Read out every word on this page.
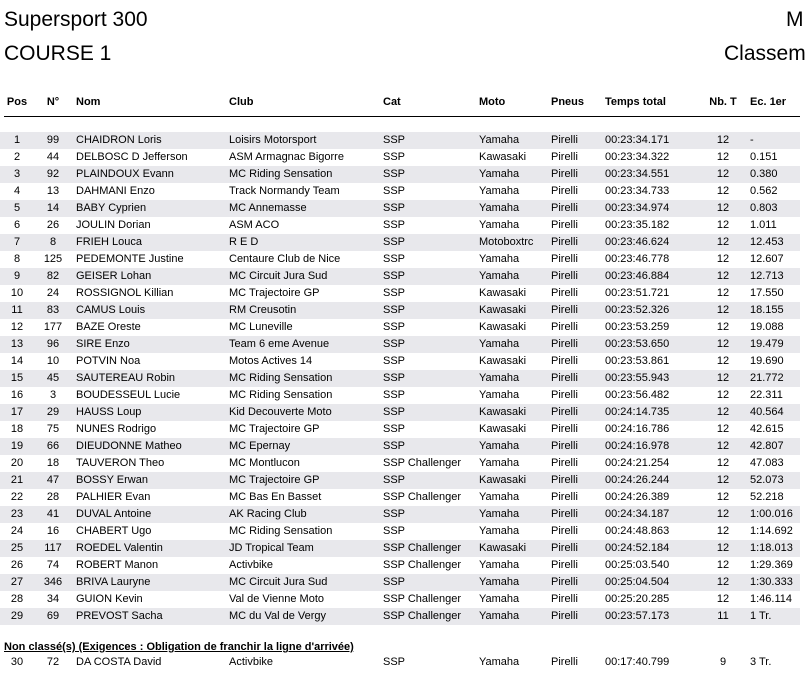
Supersport 300
COURSE 1
M
Classem
Pos	N°	Nom	Club	Cat	Moto	Pneus	Temps total	Nb. T	Ec. 1er
1	99	CHAIDRON Loris	Loisirs Motorsport	SSP	Yamaha	Pirelli	00:23:34.171	12	-
2	44	DELBOSC D Jefferson	ASM Armagnac Bigorre	SSP	Kawasaki	Pirelli	00:23:34.322	12	0.151
3	92	PLAINDOUX Evann	MC Riding Sensation	SSP	Yamaha	Pirelli	00:23:34.551	12	0.380
4	13	DAHMANI Enzo	Track Normandy Team	SSP	Yamaha	Pirelli	00:23:34.733	12	0.562
5	14	BABY Cyprien	MC Annemasse	SSP	Yamaha	Pirelli	00:23:34.974	12	0.803
6	26	JOULIN Dorian	ASM ACO	SSP	Yamaha	Pirelli	00:23:35.182	12	1.011
7	8	FRIEH Louca	R E D	SSP	Motoboxtrc	Pirelli	00:23:46.624	12	12.453
8	125	PEDEMONTE Justine	Centaure Club de Nice	SSP	Yamaha	Pirelli	00:23:46.778	12	12.607
9	82	GEISER Lohan	MC Circuit Jura Sud	SSP	Yamaha	Pirelli	00:23:46.884	12	12.713
10	24	ROSSIGNOL Killian	MC Trajectoire GP	SSP	Kawasaki	Pirelli	00:23:51.721	12	17.550
11	83	CAMUS Louis	RM Creusotin	SSP	Kawasaki	Pirelli	00:23:52.326	12	18.155
12	177	BAZE Oreste	MC Luneville	SSP	Kawasaki	Pirelli	00:23:53.259	12	19.088
13	96	SIRE Enzo	Team 6 eme Avenue	SSP	Yamaha	Pirelli	00:23:53.650	12	19.479
14	10	POTVIN Noa	Motos Actives 14	SSP	Kawasaki	Pirelli	00:23:53.861	12	19.690
15	45	SAUTEREAU Robin	MC Riding Sensation	SSP	Yamaha	Pirelli	00:23:55.943	12	21.772
16	3	BOUDESSEUL Lucie	MC Riding Sensation	SSP	Yamaha	Pirelli	00:23:56.482	12	22.311
17	29	HAUSS Loup	Kid Decouverte Moto	SSP	Kawasaki	Pirelli	00:24:14.735	12	40.564
18	75	NUNES Rodrigo	MC Trajectoire GP	SSP	Kawasaki	Pirelli	00:24:16.786	12	42.615
19	66	DIEUDONNE Matheo	MC Epernay	SSP	Yamaha	Pirelli	00:24:16.978	12	42.807
20	18	TAUVERON Theo	MC Montlucon	SSP Challenger	Yamaha	Pirelli	00:24:21.254	12	47.083
21	47	BOSSY Erwan	MC Trajectoire GP	SSP	Kawasaki	Pirelli	00:24:26.244	12	52.073
22	28	PALHIER Evan	MC Bas En Basset	SSP Challenger	Yamaha	Pirelli	00:24:26.389	12	52.218
23	41	DUVAL Antoine	AK Racing Club	SSP	Yamaha	Pirelli	00:24:34.187	12	1:00.016
24	16	CHABERT Ugo	MC Riding Sensation	SSP	Yamaha	Pirelli	00:24:48.863	12	1:14.692
25	117	ROEDEL Valentin	JD Tropical Team	SSP Challenger	Kawasaki	Pirelli	00:24:52.184	12	1:18.013
26	74	ROBERT Manon	Activbike	SSP Challenger	Yamaha	Pirelli	00:25:03.540	12	1:29.369
27	346	BRIVA Lauryne	MC Circuit Jura Sud	SSP	Yamaha	Pirelli	00:25:04.504	12	1:30.333
28	34	GUION Kevin	Val de Vienne Moto	SSP Challenger	Yamaha	Pirelli	00:25:20.285	12	1:46.114
29	69	PREVOST Sacha	MC du Val de Vergy	SSP Challenger	Yamaha	Pirelli	00:23:57.173	11	1 Tr.
Non classé(s) (Exigences : Obligation de franchir la ligne d'arrivée)
30	72	DA COSTA David	Activbike	SSP	Yamaha	Pirelli	00:17:40.799	9	3 Tr.
